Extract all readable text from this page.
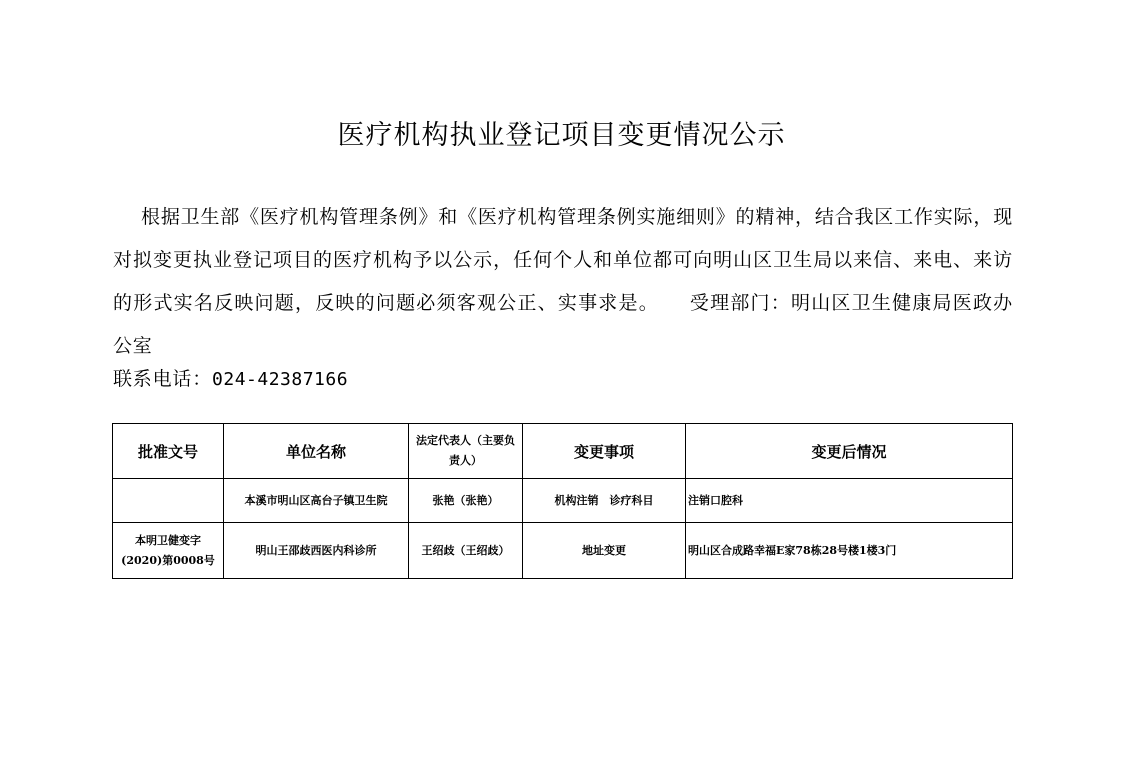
医疗机构执业登记项目变更情况公示
根据卫生部《医疗机构管理条例》和《医疗机构管理条例实施细则》的精神，结合我区工作实际，现对拟变更执业登记项目的医疗机构予以公示，任何个人和单位都可向明山区卫生局以来信、来电、来访的形式实名反映问题，反映的问题必须客观公正、实事求是。　　受理部门：明山区卫生健康局医政办公室
联系电话：024-42387166
批准文号	单位名称	法定代表人（主要负责人）	变更事项	变更后情况
	本溪市明山区高台子镇卫生院	张艳（张艳）	机构注销　诊疗科目	注销口腔科
本明卫健变字(2020)第0008号	明山王邵歧西医内科诊所	王绍歧（王绍歧）	地址变更	明山区合成路幸福E家78栋28号楼1楼3门
